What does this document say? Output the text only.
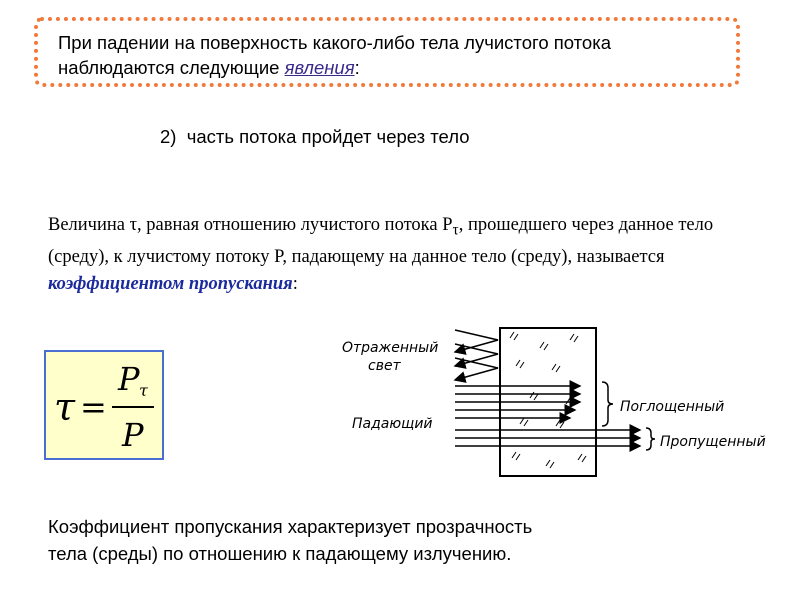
При падении на поверхность какого-либо тела лучистого потока
наблюдаются следующие явления:
2) часть потока пройдет через тело
Величина τ, равная отношению лучистого потока $P_\tau$, прошедшего через данное тело (среду), к лучистому потоку P, падающему на данное тело (среду), называется коэффициентом пропускания:
τ =
P τ
P
Отраженный
свет
Падающий
Поглощенный
Пропущенный
Коэффициент пропускания характеризует прозрачность
тела (среды) по отношению к падающему излучению.
